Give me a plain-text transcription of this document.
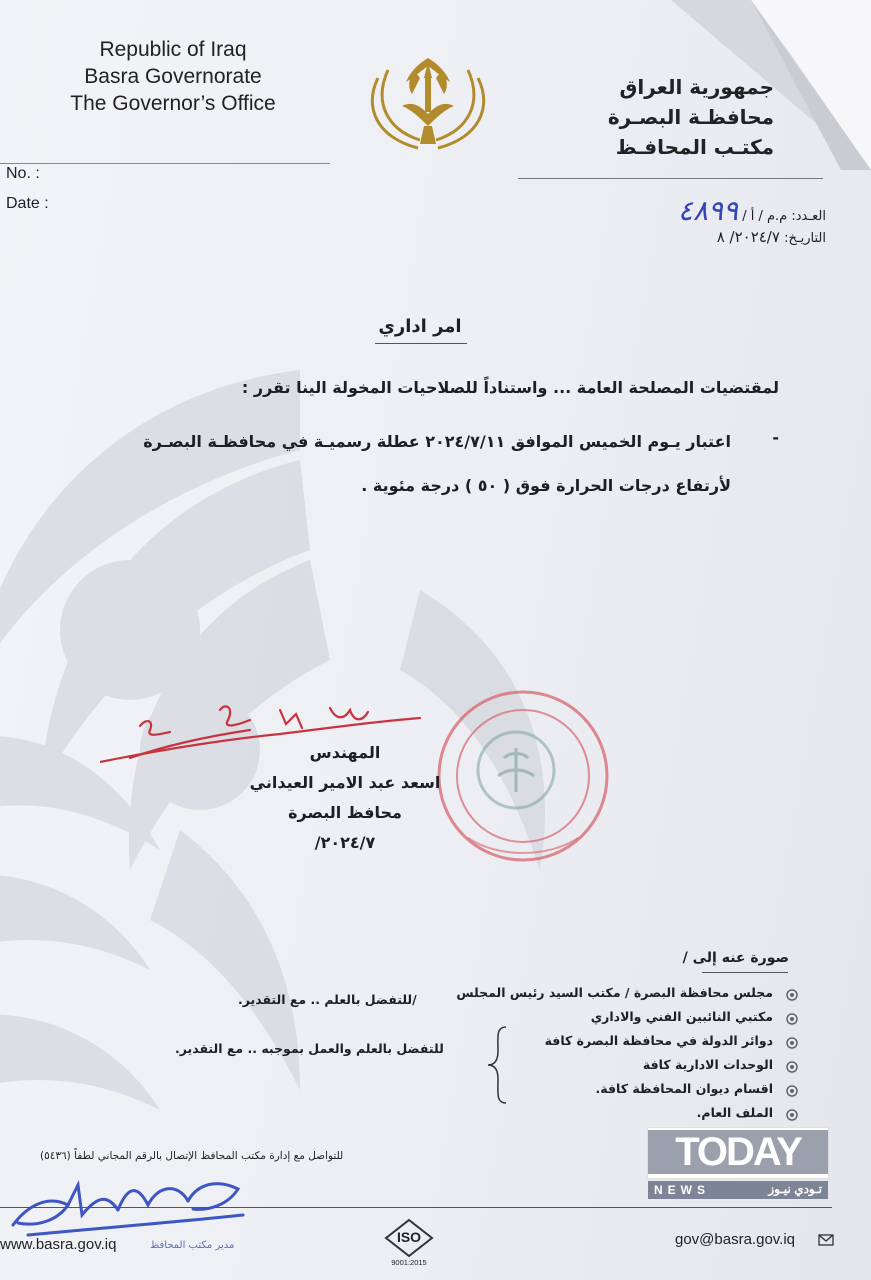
Republic of Iraq
Basra Governorate
The Governor’s Office
جمهورية العراق
محافظـة البصـرة
مكتـب المحافـظ
No. :
Date :
العـدد: م.م / أ / ٤٨٩٩
التاريـخ: ٢٠٢٤/٧/ ٨
امر اداري
لمقتضيات المصلحة العامة ... واستناداً للصلاحيات المخولة الينا تقرر :
-
اعتبار يـوم الخميس الموافق ٢٠٢٤/٧/١١ عطلة رسميـة في محافظـة البصـرة
لأرتفاع درجات الحرارة فوق ( ٥٠ ) درجة مئوية .
المهندس
اسعد عبد الامير العيداني
محافظ البصرة
٢٠٢٤/٧/
صورة عنه إلى /
مجلس محافظة البصرة / مكتب السيد رئيس المجلس
مكتبي النائبين الفني والاداري
دوائر الدولة في محافظة البصرة كافة
الوحدات الادارية كافة
اقسام ديوان المحافظة كافة.
الملف العام.
/للتفضل بالعلم .. مع التقدير.
للتفضل بالعلم والعمل بموجبه .. مع التقدير.
للتواصل مع إدارة مكتب المحافظ الإتصال بالرقم المجاني لطفاً (٥٤٣٦)
مدير مكتب المحافظ
TODAY
NEWS	تـودي نيـوز
www.basra.gov.iq	ISO
9001:2015
gov@basra.gov.iq
